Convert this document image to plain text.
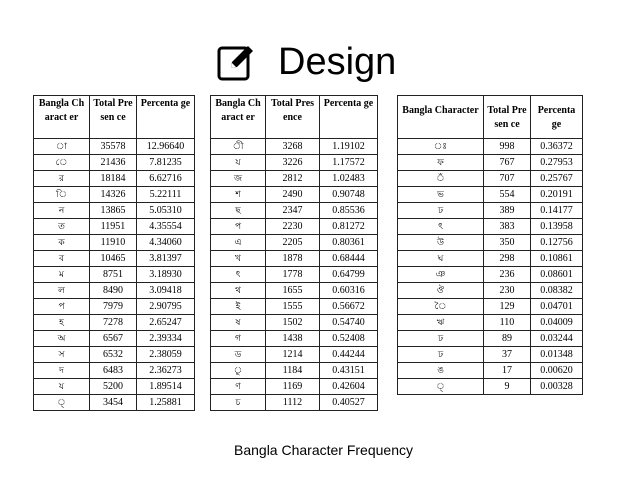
Design
Bangla Charact er	Total Presen ce	Percenta ge
া	35578	12.96640
ে	21436	7.81235
র	18184	6.62716
ি	14326	5.22111
ন	13865	5.05310
ত	11951	4.35554
ক	11910	4.34060
ব	10465	3.81397
ম	8751	3.18930
ল	8490	3.09418
প	7979	2.90795
হ	7278	2.65247
অ	6567	2.39334
স	6532	2.38059
দ	6483	2.36273
য	5200	1.89514
্	3454	1.25881
Bangla Charact er	Total Presence	Percenta ge
ী	3268	1.19102
য	3226	1.17572
জ	2812	1.02483
শ	2490	0.90748
ছ	2347	0.85536
প	2230	0.81272
এ	2205	0.80361
খ	1878	0.68444
ৎ	1778	0.64799
থ	1655	0.60316
ই	1555	0.56672
ষ	1502	0.54740
গ	1438	0.52408
ড	1214	0.44244
ু	1184	0.43151
ণ	1169	0.42604
চ	1112	0.40527
Bangla Character	Total Presen ce	Percenta ge
ঃ	998	0.36372
ফ	767	0.27953
ঁ	707	0.25767
ভ	554	0.20191
ঢ	389	0.14177
ৎ	383	0.13958
উ	350	0.12756
ঘ	298	0.10861
ঞ	236	0.08601
ঔ	230	0.08382
ৈ	129	0.04701
ঋ	110	0.04009
ঢ	89	0.03244
ঢ	37	0.01348
ঙ	17	0.00620
্	9	0.00328
Bangla Character Frequency
